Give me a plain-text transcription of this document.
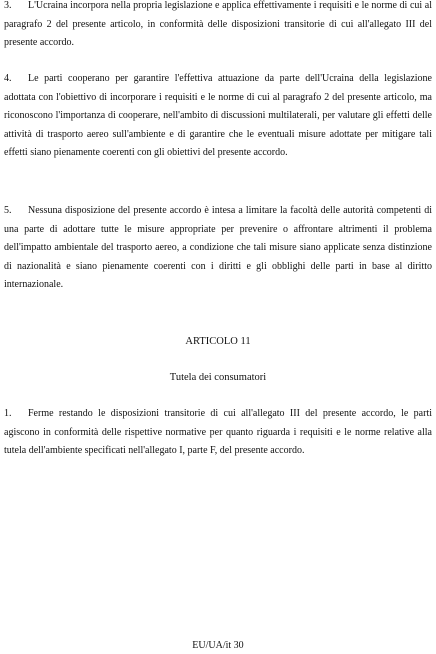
3. L'Ucraina incorpora nella propria legislazione e applica effettivamente i requisiti e le norme di cui al paragrafo 2 del presente articolo, in conformità delle disposizioni transitorie di cui all'allegato III del presente accordo.

4. Le parti cooperano per garantire l'effettiva attuazione da parte dell'Ucraina della legislazione adottata con l'obiettivo di incorporare i requisiti e le norme di cui al paragrafo 2 del presente articolo, ma riconoscono l'importanza di cooperare, nell'ambito di discussioni multilaterali, per valutare gli effetti delle attività di trasporto aereo sull'ambiente e di garantire che le eventuali misure adottate per mitigare tali effetti siano pienamente coerenti con gli obiettivi del presente accordo.

5. Nessuna disposizione del presente accordo è intesa a limitare la facoltà delle autorità competenti di una parte di adottare tutte le misure appropriate per prevenire o affrontare altrimenti il problema dell'impatto ambientale del trasporto aereo, a condizione che tali misure siano applicate senza distinzione di nazionalità e siano pienamente coerenti con i diritti e gli obblighi delle parti in base al diritto internazionale.

ARTICOLO 11

Tutela dei consumatori

1. Ferme restando le disposizioni transitorie di cui all'allegato III del presente accordo, le parti agiscono in conformità delle rispettive normative per quanto riguarda i requisiti e le norme relative alla tutela dell'ambiente specificati nell'allegato I, parte F, del presente accordo.

EU/UA/it 30
